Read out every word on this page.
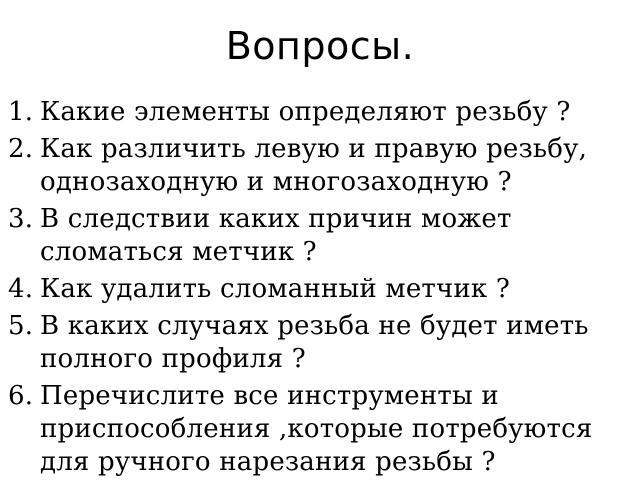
Вопросы.
1. Какие элементы определяют резьбу ?
2. Как различить левую и правую резьбу,
однозаходную и многозаходную ?
3. В следствии каких причин может
сломаться метчик ?
4. Как удалить сломанный метчик ?
5. В каких случаях резьба не будет иметь
полного профиля ?
6. Перечислите все инструменты и
приспособления ,которые потребуются
для ручного нарезания резьбы ?
